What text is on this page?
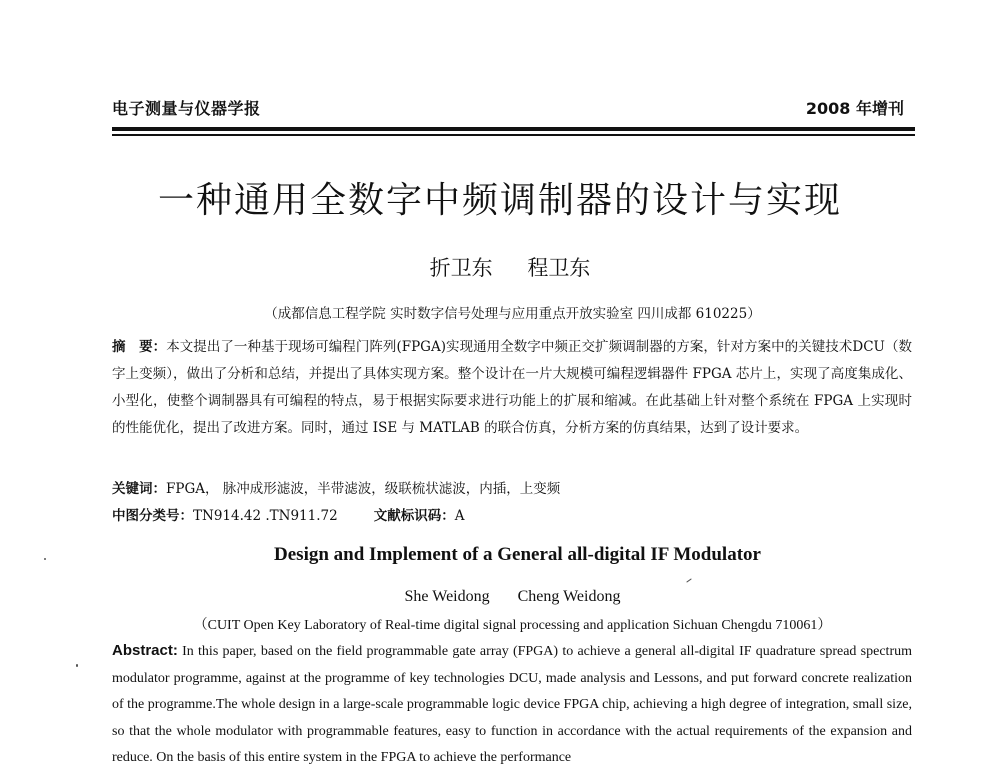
电子测量与仪器学报	2008 年增刊
一种通用全数字中频调制器的设计与实现
折卫东 程卫东
（成都信息工程学院 实时数字信号处理与应用重点开放实验室 四川成都 610225）
摘　要：本文提出了一种基于现场可编程门阵列(FPGA)实现通用全数字中频正交扩频调制器的方案，针对方案中的关键技术DCU（数字上变频），做出了分析和总结，并提出了具体实现方案。整个设计在一片大规模可编程逻辑器件 FPGA 芯片上，实现了高度集成化、小型化，使整个调制器具有可编程的特点，易于根据实际要求进行功能上的扩展和缩减。在此基础上针对整个系统在 FPGA 上实现时的性能优化，提出了改进方案。同时，通过 ISE 与 MATLAB 的联合仿真，分析方案的仿真结果，达到了设计要求。
关键词：FPGA， 脉冲成形滤波，半带滤波，级联梳状滤波，内插，上变频
中图分类号：TN914.42 .TN911.72	文献标识码：A
Design and Implement of a General all-digital IF Modulator
She Weidong Cheng Weidong
（CUIT Open Key Laboratory of Real-time digital signal processing and application Sichuan Chengdu 710061）
Abstract: In this paper, based on the field programmable gate array (FPGA) to achieve a general all-digital IF quadrature spread spectrum modulator programme, against at the programme of key technologies DCU, made analysis and Lessons, and put forward concrete realization of the programme.The whole design in a large-scale programmable logic device FPGA chip, achieving a high degree of integration, small size, so that the whole modulator with programmable features, easy to function in accordance with the actual requirements of the expansion and reduce. On the basis of this entire system in the FPGA to achieve the performance
